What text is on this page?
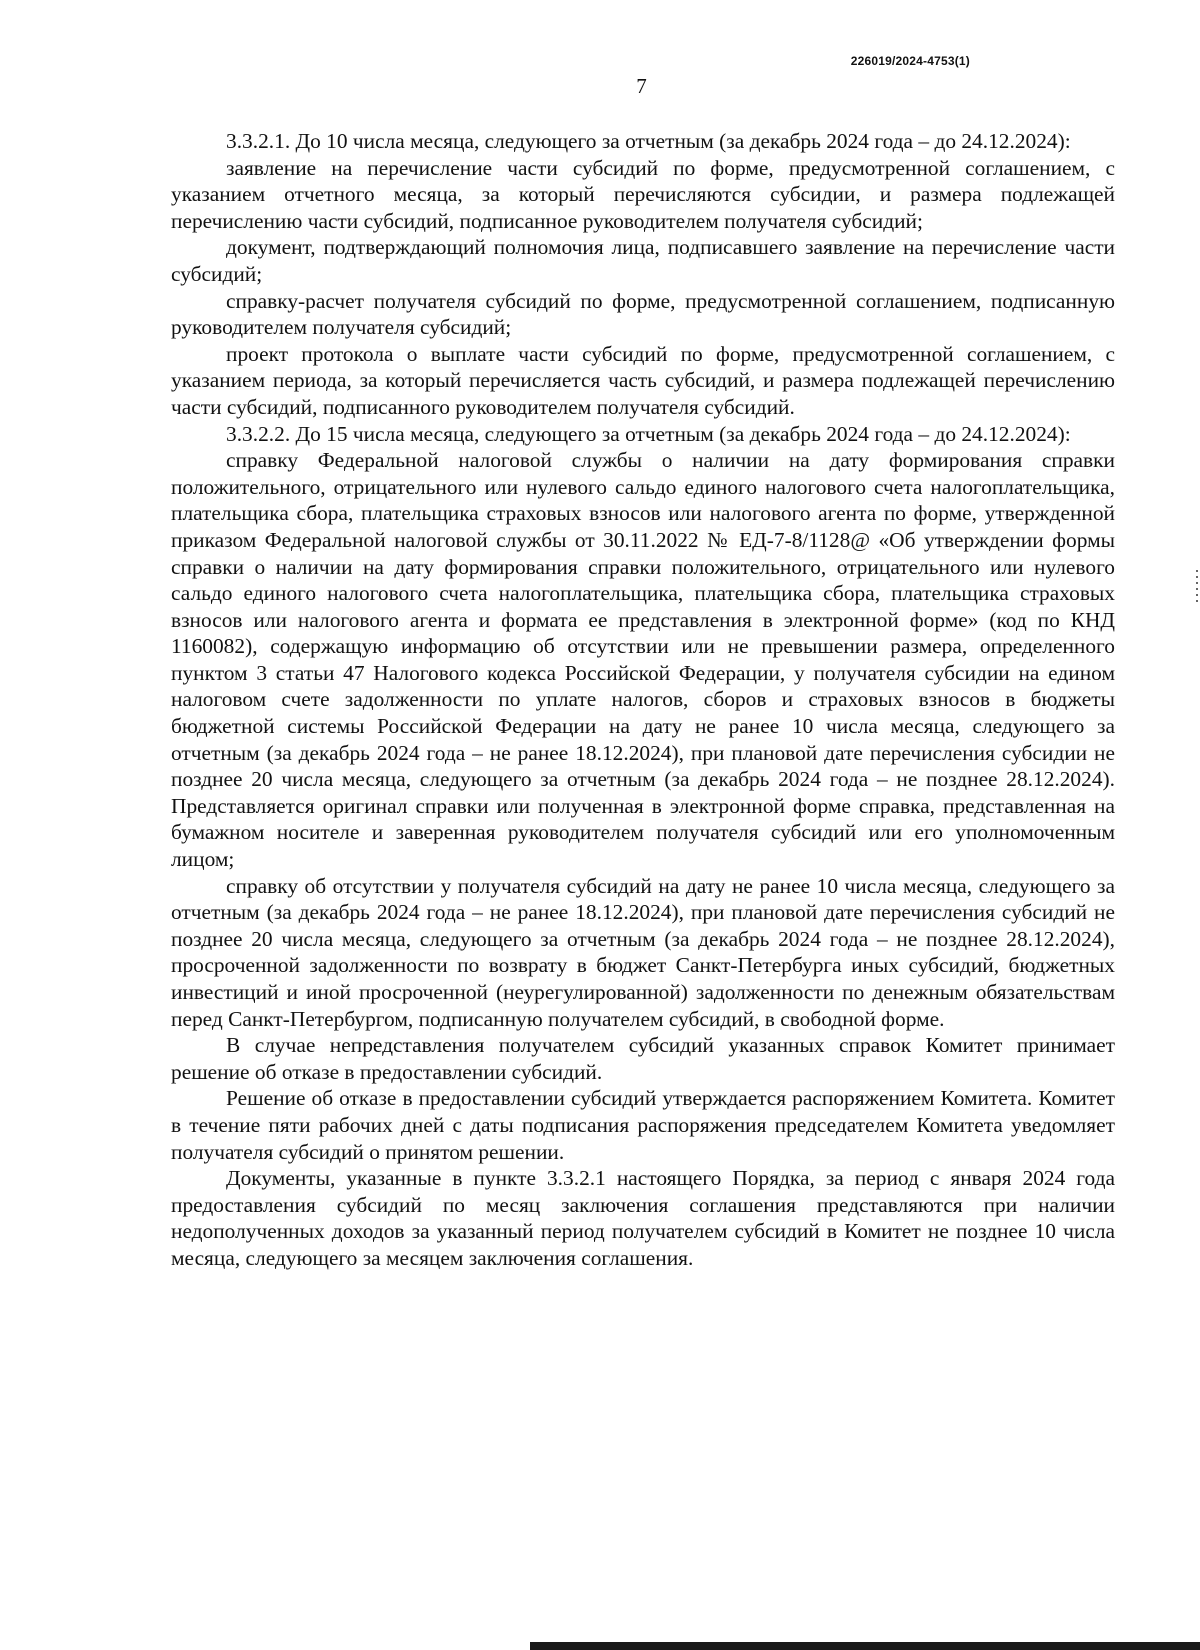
226019/2024-4753(1)
7

3.3.2.1. До 10 числа месяца, следующего за отчетным (за декабрь 2024 года – до 24.12.2024):

заявление на перечисление части субсидий по форме, предусмотренной соглашением, с указанием отчетного месяца, за который перечисляются субсидии, и размера подлежащей перечислению части субсидий, подписанное руководителем получателя субсидий;

документ, подтверждающий полномочия лица, подписавшего заявление на перечисление части субсидий;

справку-расчет получателя субсидий по форме, предусмотренной соглашением, подписанную руководителем получателя субсидий;

проект протокола о выплате части субсидий по форме, предусмотренной соглашением, с указанием периода, за который перечисляется часть субсидий, и размера подлежащей перечислению части субсидий, подписанного руководителем получателя субсидий.

3.3.2.2. До 15 числа месяца, следующего за отчетным (за декабрь 2024 года – до 24.12.2024):

справку Федеральной налоговой службы о наличии на дату формирования справки положительного, отрицательного или нулевого сальдо единого налогового счета налогоплательщика, плательщика сбора, плательщика страховых взносов или налогового агента по форме, утвержденной приказом Федеральной налоговой службы от 30.11.2022 № ЕД-7-8/1128@ «Об утверждении формы справки о наличии на дату формирования справки положительного, отрицательного или нулевого сальдо единого налогового счета налогоплательщика, плательщика сбора, плательщика страховых взносов или налогового агента и формата ее представления в электронной форме» (код по КНД 1160082), содержащую информацию об отсутствии или не превышении размера, определенного пунктом 3 статьи 47 Налогового кодекса Российской Федерации, у получателя субсидии на едином налоговом счете задолженности по уплате налогов, сборов и страховых взносов в бюджеты бюджетной системы Российской Федерации на дату не ранее 10 числа месяца, следующего за отчетным (за декабрь 2024 года – не ранее 18.12.2024), при плановой дате перечисления субсидии не позднее 20 числа месяца, следующего за отчетным (за декабрь 2024 года – не позднее 28.12.2024). Представляется оригинал справки или полученная в электронной форме справка, представленная на бумажном носителе и заверенная руководителем получателя субсидий или его уполномоченным лицом;

справку об отсутствии у получателя субсидий на дату не ранее 10 числа месяца, следующего за отчетным (за декабрь 2024 года – не ранее 18.12.2024), при плановой дате перечисления субсидий не позднее 20 числа месяца, следующего за отчетным (за декабрь 2024 года – не позднее 28.12.2024), просроченной задолженности по возврату в бюджет Санкт-Петербурга иных субсидий, бюджетных инвестиций и иной просроченной (неурегулированной) задолженности по денежным обязательствам перед Санкт-Петербургом, подписанную получателем субсидий, в свободной форме.

В случае непредставления получателем субсидий указанных справок Комитет принимает решение об отказе в предоставлении субсидий.

Решение об отказе в предоставлении субсидий утверждается распоряжением Комитета. Комитет в течение пяти рабочих дней с даты подписания распоряжения председателем Комитета уведомляет получателя субсидий о принятом решении.

Документы, указанные в пункте 3.3.2.1 настоящего Порядка, за период с января 2024 года предоставления субсидий по месяц заключения соглашения представляются при наличии недополученных доходов за указанный период получателем субсидий в Комитет не позднее 10 числа месяца, следующего за месяцем заключения соглашения.
